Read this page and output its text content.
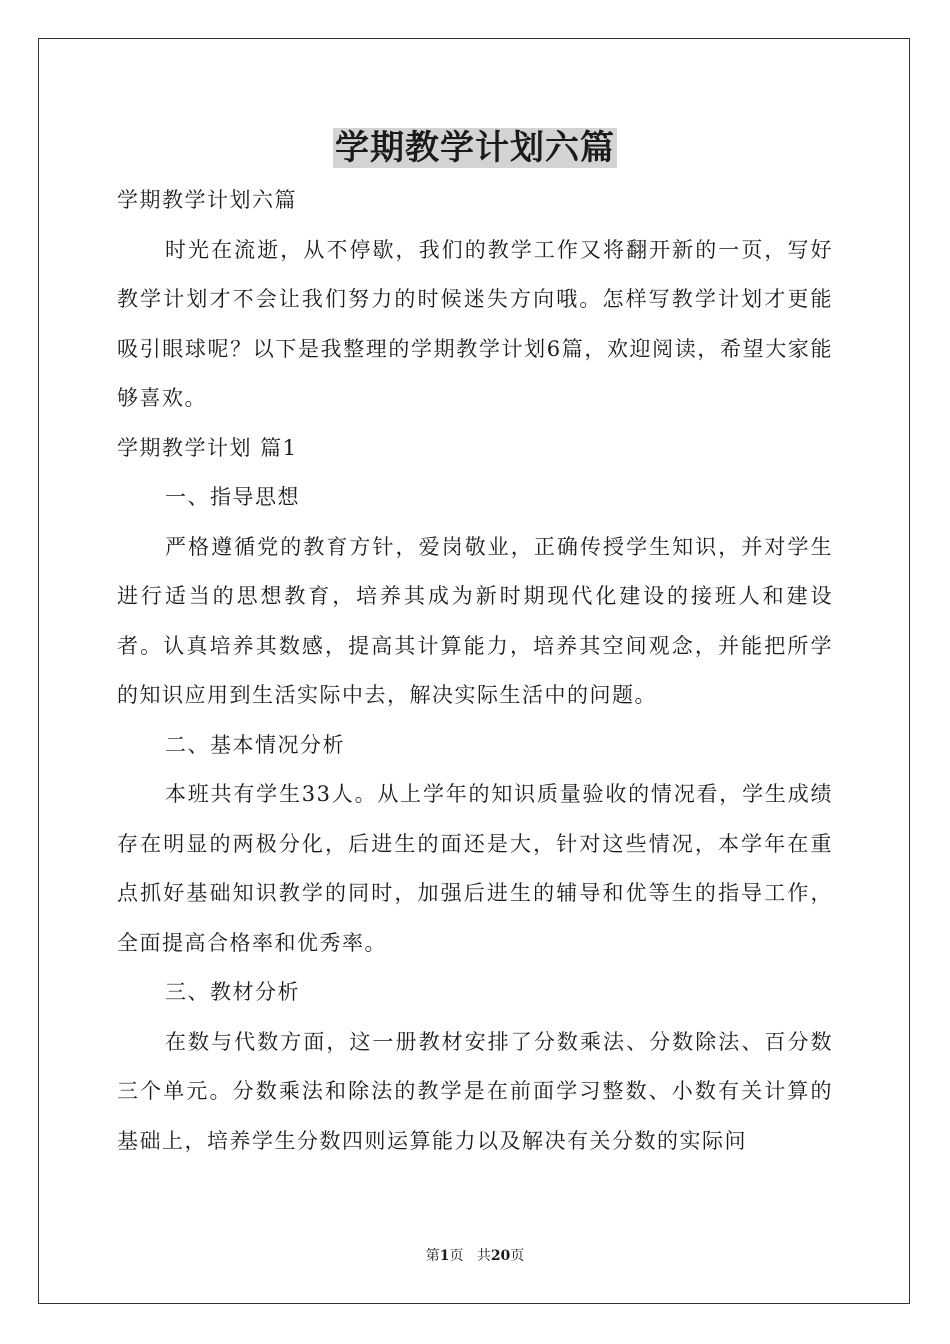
学期教学计划六篇

学期教学计划六篇

时光在流逝，从不停歇，我们的教学工作又将翻开新的一页，写好教学计划才不会让我们努力的时候迷失方向哦。怎样写教学计划才更能吸引眼球呢？以下是我整理的学期教学计划6篇，欢迎阅读，希望大家能够喜欢。

学期教学计划 篇1

一、指导思想

严格遵循党的教育方针，爱岗敬业，正确传授学生知识，并对学生进行适当的思想教育，培养其成为新时期现代化建设的接班人和建设者。认真培养其数感，提高其计算能力，培养其空间观念，并能把所学的知识应用到生活实际中去，解决实际生活中的问题。

二、基本情况分析

本班共有学生33人。从上学年的知识质量验收的情况看，学生成绩存在明显的两极分化，后进生的面还是大，针对这些情况，本学年在重点抓好基础知识教学的同时，加强后进生的辅导和优等生的指导工作，全面提高合格率和优秀率。

三、教材分析

在数与代数方面，这一册教材安排了分数乘法、分数除法、百分数三个单元。分数乘法和除法的教学是在前面学习整数、小数有关计算的基础上，培养学生分数四则运算能力以及解决有关分数的实际问

第1页 共20页
